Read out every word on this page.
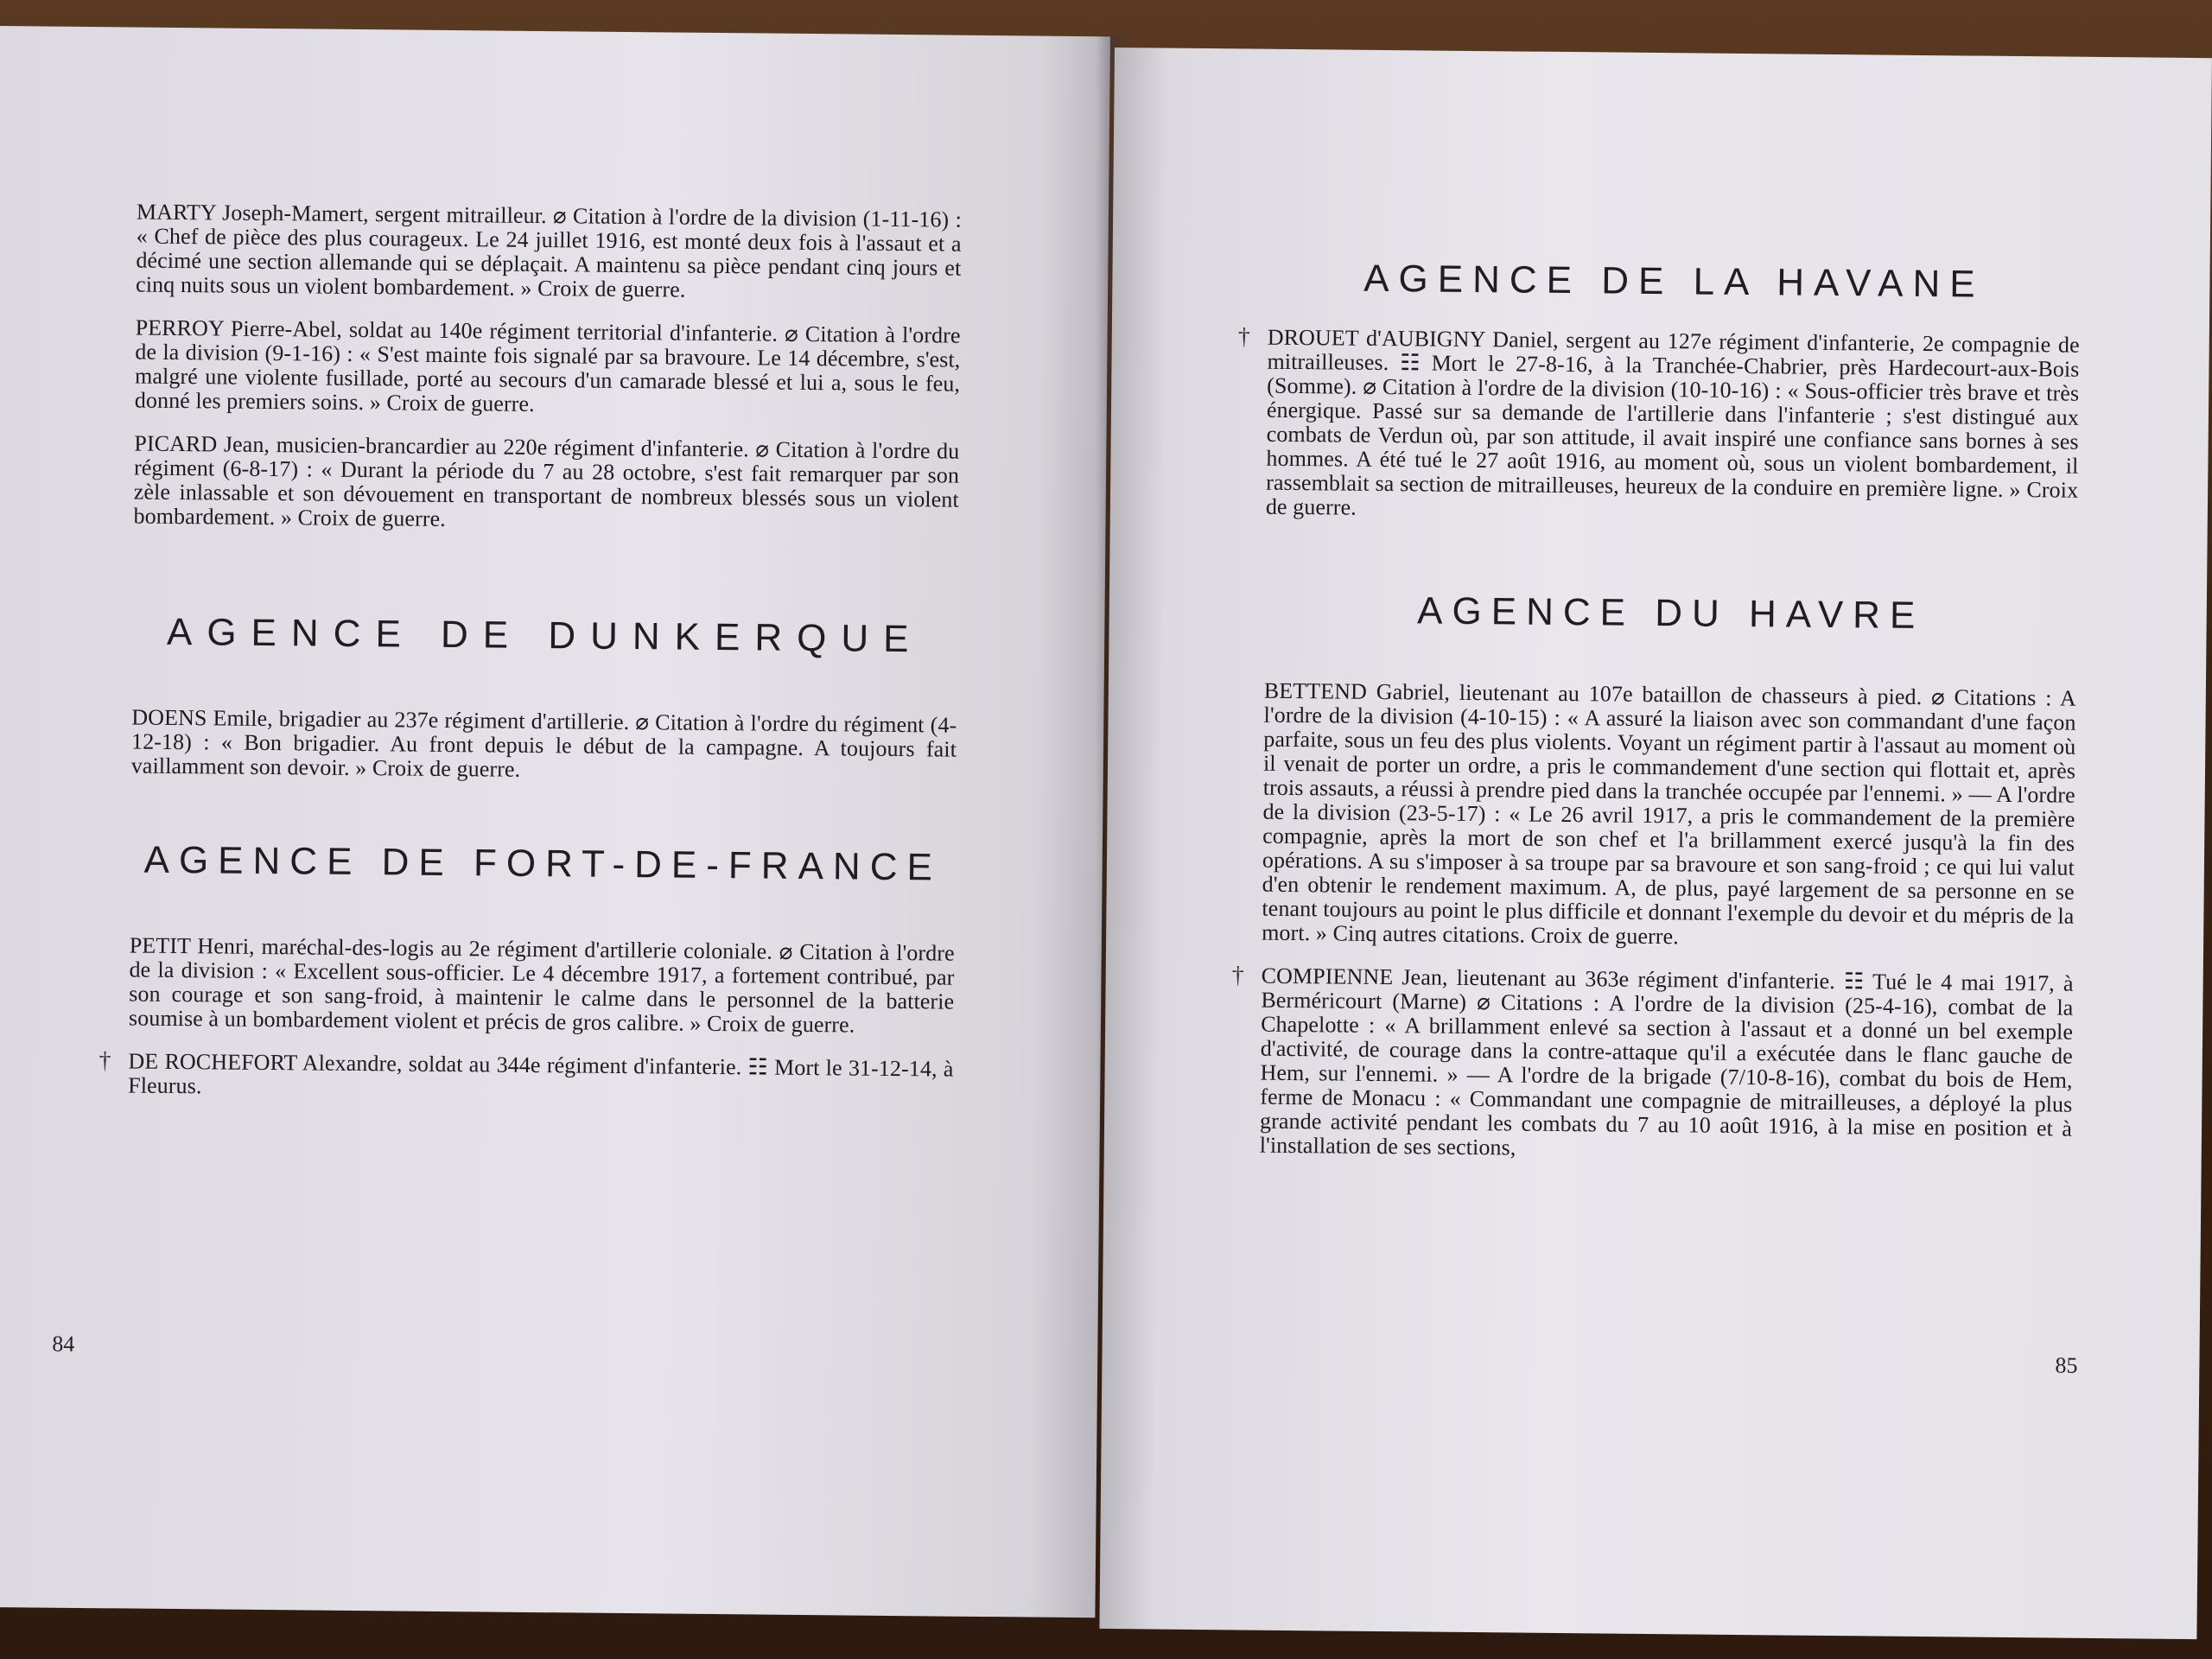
MARTY Joseph-Mamert, sergent mitrailleur. ⌀ Citation à l'ordre de la division (1-11-16) : « Chef de pièce des plus courageux. Le 24 juillet 1916, est monté deux fois à l'assaut et a décimé une section allemande qui se déplaçait. A maintenu sa pièce pendant cinq jours et cinq nuits sous un violent bombardement. » Croix de guerre.

PERROY Pierre-Abel, soldat au 140e régiment territorial d'infanterie. ⌀ Citation à l'ordre de la division (9-1-16) : « S'est mainte fois signalé par sa bravoure. Le 14 décembre, s'est, malgré une violente fusillade, porté au secours d'un camarade blessé et lui a, sous le feu, donné les premiers soins. » Croix de guerre.

PICARD Jean, musicien-brancardier au 220e régiment d'infanterie. ⌀ Citation à l'ordre du régiment (6-8-17) : « Durant la période du 7 au 28 octobre, s'est fait remarquer par son zèle inlassable et son dévouement en transportant de nombreux blessés sous un violent bombardement. » Croix de guerre.

AGENCE DE DUNKERQUE

DOENS Emile, brigadier au 237e régiment d'artillerie. ⌀ Citation à l'ordre du régiment (4-12-18) : « Bon brigadier. Au front depuis le début de la campagne. A toujours fait vaillamment son devoir. » Croix de guerre.

AGENCE DE FORT-DE-FRANCE

PETIT Henri, maréchal-des-logis au 2e régiment d'artillerie coloniale. ⌀ Citation à l'ordre de la division : « Excellent sous-officier. Le 4 décembre 1917, a fortement contribué, par son courage et son sang-froid, à maintenir le calme dans le personnel de la batterie soumise à un bombardement violent et précis de gros calibre. » Croix de guerre.

† DE ROCHEFORT Alexandre, soldat au 344e régiment d'infanterie. ☷ Mort le 31-12-14, à Fleurus.

84
AGENCE DE LA HAVANE

† DROUET d'AUBIGNY Daniel, sergent au 127e régiment d'infanterie, 2e compagnie de mitrailleuses. ☷ Mort le 27-8-16, à la Tranchée-Chabrier, près Hardecourt-aux-Bois (Somme). ⌀ Citation à l'ordre de la division (10-10-16) : « Sous-officier très brave et très énergique. Passé sur sa demande de l'artillerie dans l'infanterie ; s'est distingué aux combats de Verdun où, par son attitude, il avait inspiré une confiance sans bornes à ses hommes. A été tué le 27 août 1916, au moment où, sous un violent bombardement, il rassemblait sa section de mitrailleuses, heureux de la conduire en première ligne. » Croix de guerre.

AGENCE DU HAVRE

BETTEND Gabriel, lieutenant au 107e bataillon de chasseurs à pied. ⌀ Citations : A l'ordre de la division (4-10-15) : « A assuré la liaison avec son commandant d'une façon parfaite, sous un feu des plus violents. Voyant un régiment partir à l'assaut au moment où il venait de porter un ordre, a pris le commandement d'une section qui flottait et, après trois assauts, a réussi à prendre pied dans la tranchée occupée par l'ennemi. » — A l'ordre de la division (23-5-17) : « Le 26 avril 1917, a pris le commandement de la première compagnie, après la mort de son chef et l'a brillamment exercé jusqu'à la fin des opérations. A su s'imposer à sa troupe par sa bravoure et son sang-froid ; ce qui lui valut d'en obtenir le rendement maximum. A, de plus, payé largement de sa personne en se tenant toujours au point le plus difficile et donnant l'exemple du devoir et du mépris de la mort. » Cinq autres citations. Croix de guerre.

† COMPIENNE Jean, lieutenant au 363e régiment d'infanterie. ☷ Tué le 4 mai 1917, à Berméricourt (Marne) ⌀ Citations : A l'ordre de la division (25-4-16), combat de la Chapelotte : « A brillamment enlevé sa section à l'assaut et a donné un bel exemple d'activité, de courage dans la contre-attaque qu'il a exécutée dans le flanc gauche de Hem, sur l'ennemi. » — A l'ordre de la brigade (7/10-8-16), combat du bois de Hem, ferme de Monacu : « Commandant une compagnie de mitrailleuses, a déployé la plus grande activité pendant les combats du 7 au 10 août 1916, à la mise en position et à l'installation de ses sections,

85
